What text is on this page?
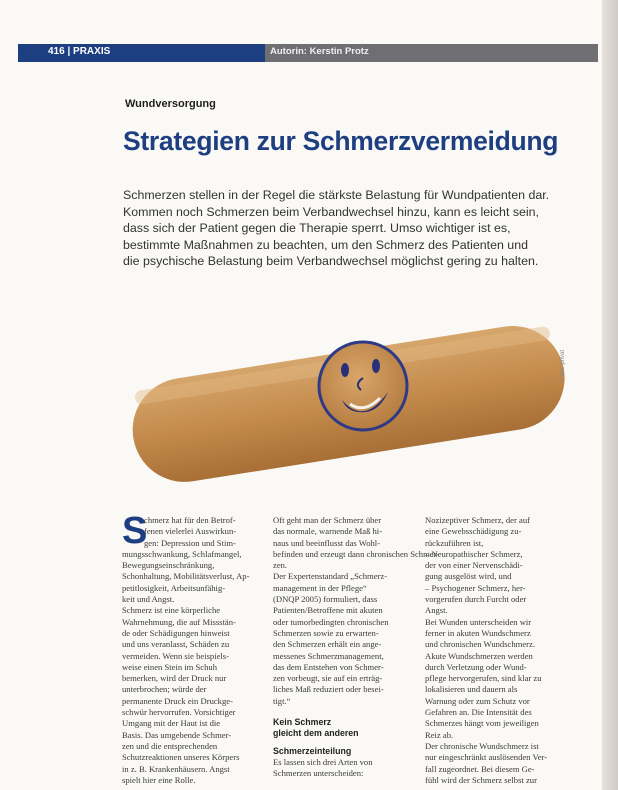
416 | PRAXIS	Autorin: Kerstin Protz
Wundversorgung
Strategien zur Schmerzvermeidung
Schmerzen stellen in der Regel die stärkste Belastung für Wundpatienten dar.
Kommen noch Schmerzen beim Verbandwechsel hinzu, kann es leicht sein,
dass sich der Patient gegen die Therapie sperrt. Umso wichtiger ist es,
bestimmte Maßnahmen zu beachten, um den Schmerz des Patienten und
die psychische Belastung beim Verbandwechsel möglichst gering zu halten.
Foto: privat
S
chmerz hat für den Betrof-
fenen vielerlei Auswirkun-
gen: Depression und Stim-
mungsschwankung, Schlafmangel,
Bewegungseinschränkung,
Schonhaltung, Mobilitätsverlust, Ap-
petitlosigkeit, Arbeitsunfähig-
keit und Angst.
Schmerz ist eine körperliche
Wahrnehmung, die auf Missstän-
de oder Schädigungen hinweist
und uns veranlasst, Schäden zu
vermeiden. Wenn sie beispiels-
weise einen Stein im Schuh
bemerken, wird der Druck nur
unterbrochen; würde der
permanente Druck ein Druckge-
schwür hervorrufen. Vorsichtiger
Umgang mit der Haut ist die
Basis. Das umgebende Schmer-
zen und die entsprechenden
Schutzreaktionen unseres Körpers
in z. B. Krankenhäusern. Angst
spielt hier eine Rolle.
Oft geht man der Schmerz über
das normale, warnende Maß hi-
naus und beeinflusst das Wohl-
befinden und erzeugt dann chronischen Schmer-
zen.
Der Expertenstandard „Schmerz-
management in der Pflege“
(DNQP 2005) formuliert, dass
Patienten/Betroffene mit akuten
oder tumorbedingten chronischen
Schmerzen sowie zu erwarten-
den Schmerzen erhält ein ange-
messenes Schmerzmanagement,
das dem Entstehen von Schmer-
zen vorbeugt, sie auf ein erträg-
liches Maß reduziert oder besei-
tigt.“
Kein Schmerz
gleicht dem anderen
Schmerzeinteilung
Es lassen sich drei Arten von
Schmerzen unterscheiden:
Nozizeptiver Schmerz, der auf
eine Gewebsschädigung zu-
rückzuführen ist,
– Neuropathischer Schmerz,
der von einer Nervenschädi-
gung ausgelöst wird, und
– Psychogener Schmerz, her-
vorgerufen durch Furcht oder
Angst.
Bei Wunden unterscheiden wir
ferner in akuten Wundschmerz
und chronischen Wundschmerz.
Akute Wundschmerzen werden
durch Verletzung oder Wund-
pflege hervorgerufen, sind klar zu
lokalisieren und dauern als
Warnung oder zum Schutz vor
Gefahren an. Die Intensität des
Schmerzes hängt vom jeweiligen
Reiz ab.
Der chronische Wundschmerz ist
nur eingeschränkt auslösenden Ver-
fall zugeordnet. Bei diesem Ge-
fühl wird der Schmerz selbst zur
